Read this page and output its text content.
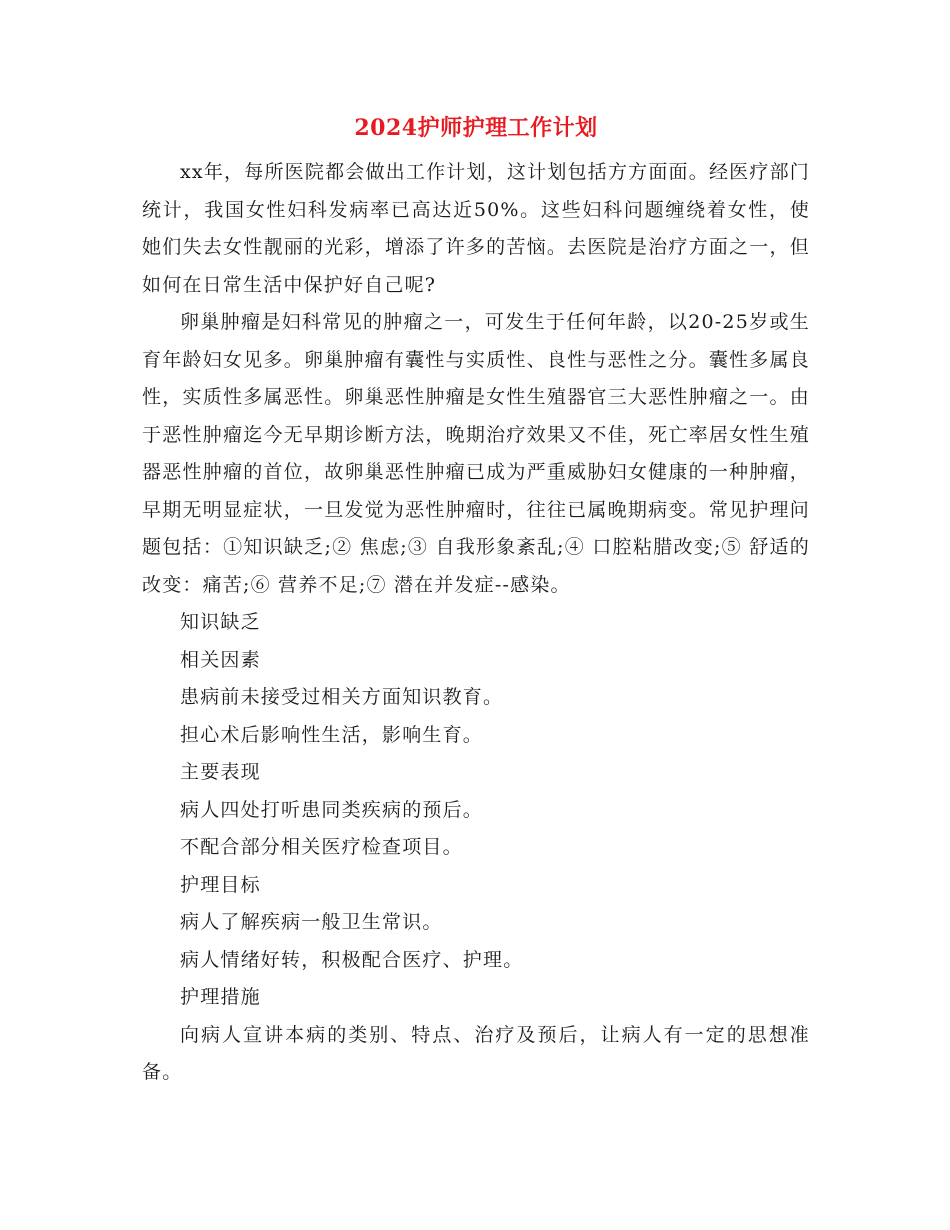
2024护师护理工作计划

xx年，每所医院都会做出工作计划，这计划包括方方面面。经医疗部门统计，我国女性妇科发病率已高达近50%。这些妇科问题缠绕着女性，使她们失去女性靓丽的光彩，增添了许多的苦恼。去医院是治疗方面之一，但如何在日常生活中保护好自己呢?

卵巢肿瘤是妇科常见的肿瘤之一，可发生于任何年龄，以20-25岁或生育年龄妇女见多。卵巢肿瘤有囊性与实质性、良性与恶性之分。囊性多属良性，实质性多属恶性。卵巢恶性肿瘤是女性生殖器官三大恶性肿瘤之一。由于恶性肿瘤迄今无早期诊断方法，晚期治疗效果又不佳，死亡率居女性生殖器恶性肿瘤的首位，故卵巢恶性肿瘤已成为严重威胁妇女健康的一种肿瘤，早期无明显症状，一旦发觉为恶性肿瘤时，往往已属晚期病变。常见护理问题包括：①知识缺乏;② 焦虑;③ 自我形象紊乱;④ 口腔粘腊改变;⑤ 舒适的改变：痛苦;⑥ 营养不足;⑦ 潜在并发症--感染。

知识缺乏

相关因素

患病前未接受过相关方面知识教育。

担心术后影响性生活，影响生育。

主要表现

病人四处打听患同类疾病的预后。

不配合部分相关医疗检查项目。

护理目标

病人了解疾病一般卫生常识。

病人情绪好转，积极配合医疗、护理。

护理措施

向病人宣讲本病的类别、特点、治疗及预后，让病人有一定的思想准备。
